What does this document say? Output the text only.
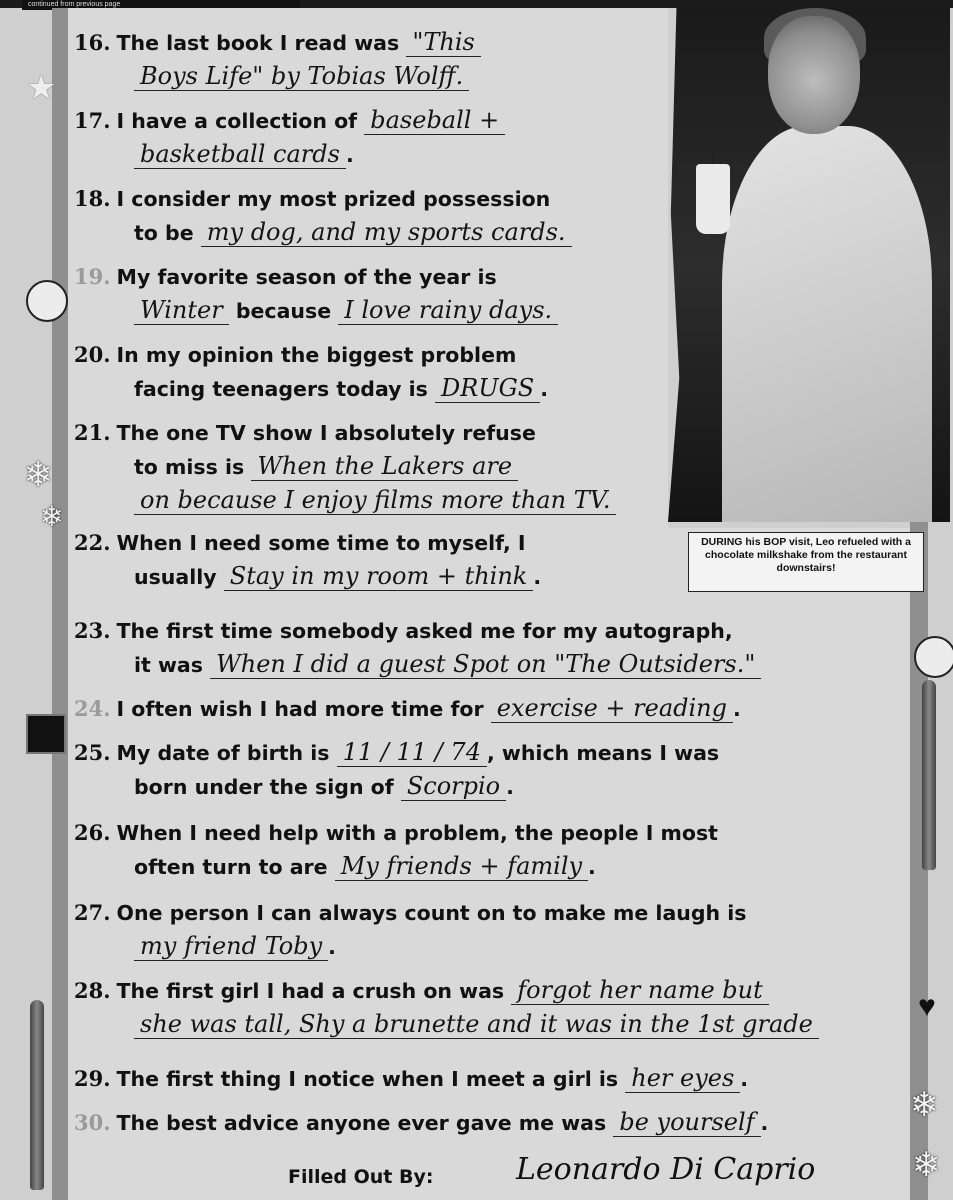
continued from previous page
DURING his BOP visit, Leo refueled with a chocolate milkshake from the restaurant downstairs!
16. The last book I read was "This
Boys Life" by Tobias Wolff.
17. I have a collection of baseball +
basketball cards .
18. I consider my most prized possession
to be my dog, and my sports cards.
19. My favorite season of the year is
Winter because I love rainy days.
20. In my opinion the biggest problem
facing teenagers today is DRUGS .
21. The one TV show I absolutely refuse
to miss is When the Lakers are
on because I enjoy films more than TV.
22. When I need some time to myself, I
usually Stay in my room + think .
23. The first time somebody asked me for my autograph,
it was When I did a guest Spot on "The Outsiders."
24. I often wish I had more time for exercise + reading .
25. My date of birth is 11 / 11 / 74 , which means I was
born under the sign of Scorpio .
26. When I need help with a problem, the people I most
often turn to are My friends + family .
27. One person I can always count on to make me laugh is
my friend Toby .
28. The first girl I had a crush on was forgot her name but
she was tall, Shy a brunette and it was in the 1st grade
29. The first thing I notice when I meet a girl is her eyes .
30. The best advice anyone ever gave me was be yourself .
Filled Out By:	Leonardo Di Caprio
★
❄
❄
♥
❄
❄
